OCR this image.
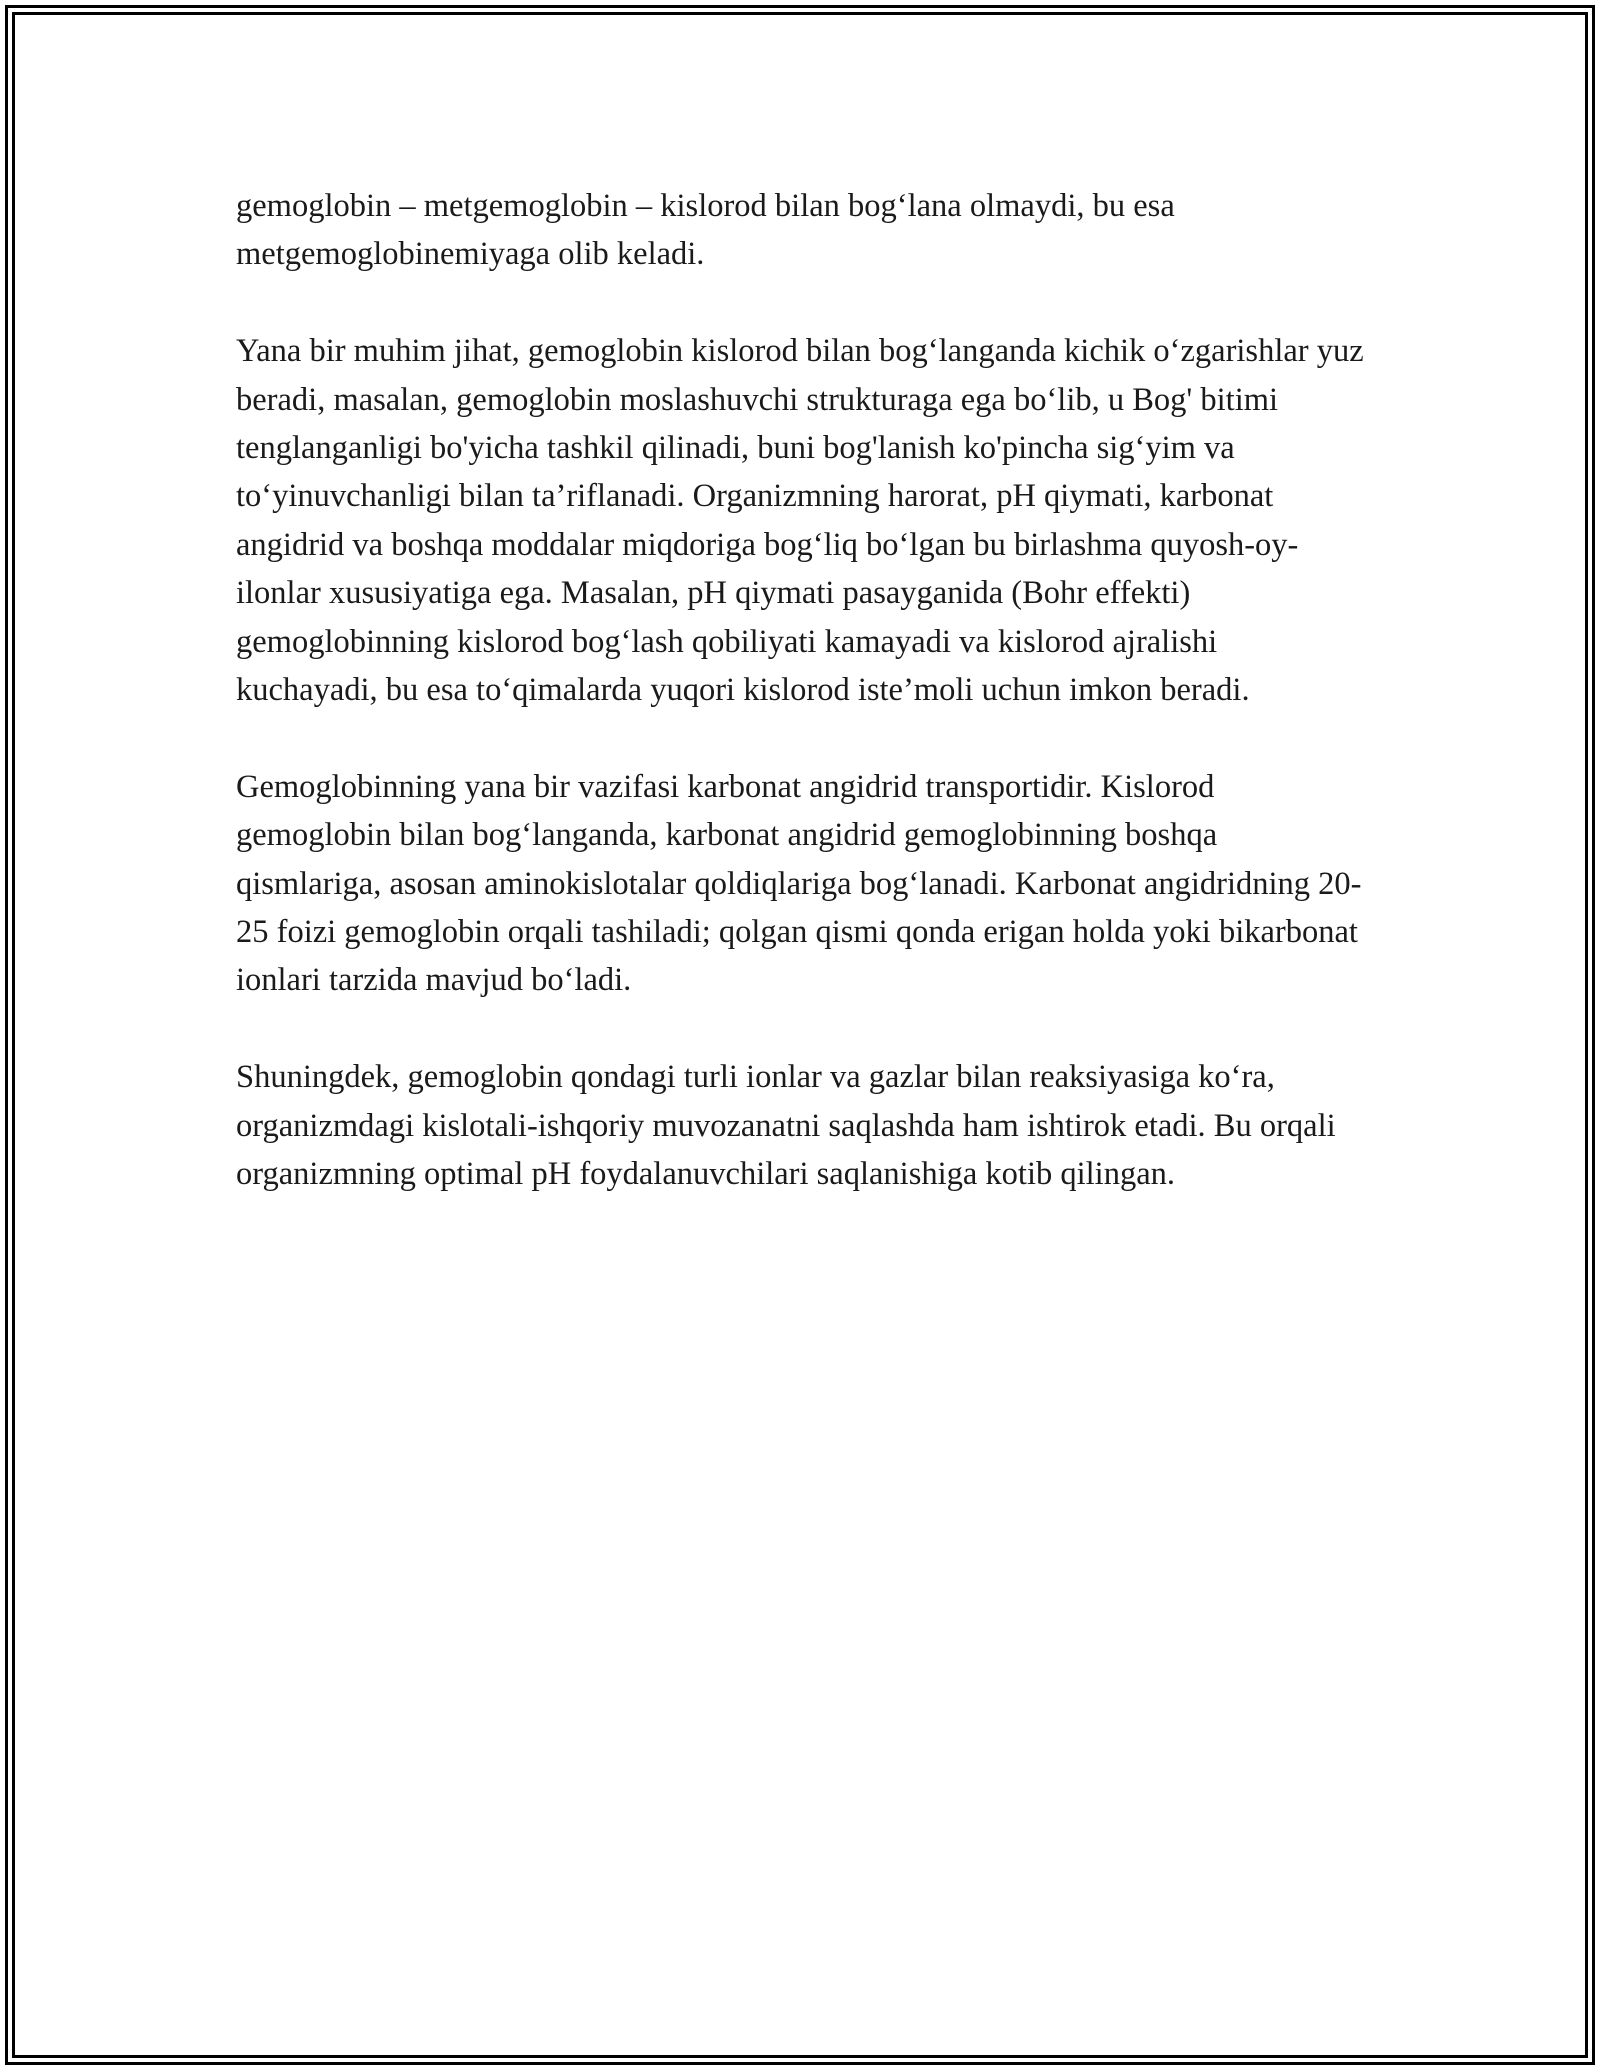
gemoglobin – metgemoglobin – kislorod bilan bog‘lana olmaydi, bu esa metgemoglobinemiyaga olib keladi.

Yana bir muhim jihat, gemoglobin kislorod bilan bog‘langanda kichik o‘zgarishlar yuz beradi, masalan, gemoglobin moslashuvchi strukturaga ega bo‘lib, u Bog' bitimi tenglanganligi bo'yicha tashkil qilinadi, buni bog'lanish ko'pincha sig‘yim va to‘yinuvchanligi bilan ta’riflanadi. Organizmning harorat, pH qiymati, karbonat angidrid va boshqa moddalar miqdoriga bog‘liq bo‘lgan bu birlashma quyosh-oy-ilonlar xususiyatiga ega. Masalan, pH qiymati pasayganida (Bohr effekti) gemoglobinning kislorod bog‘lash qobiliyati kamayadi va kislorod ajralishi kuchayadi, bu esa to‘qimalarda yuqori kislorod iste’moli uchun imkon beradi.

Gemoglobinning yana bir vazifasi karbonat angidrid transportidir. Kislorod gemoglobin bilan bog‘langanda, karbonat angidrid gemoglobinning boshqa qismlariga, asosan aminokislotalar qoldiqlariga bog‘lanadi. Karbonat angidridning 20-25 foizi gemoglobin orqali tashiladi; qolgan qismi qonda erigan holda yoki bikarbonat ionlari tarzida mavjud bo‘ladi.

Shuningdek, gemoglobin qondagi turli ionlar va gazlar bilan reaksiyasiga ko‘ra, organizmdagi kislotali-ishqoriy muvozanatni saqlashda ham ishtirok etadi. Bu orqali organizmning optimal pH foydalanuvchilari saqlanishiga kotib qilingan.
